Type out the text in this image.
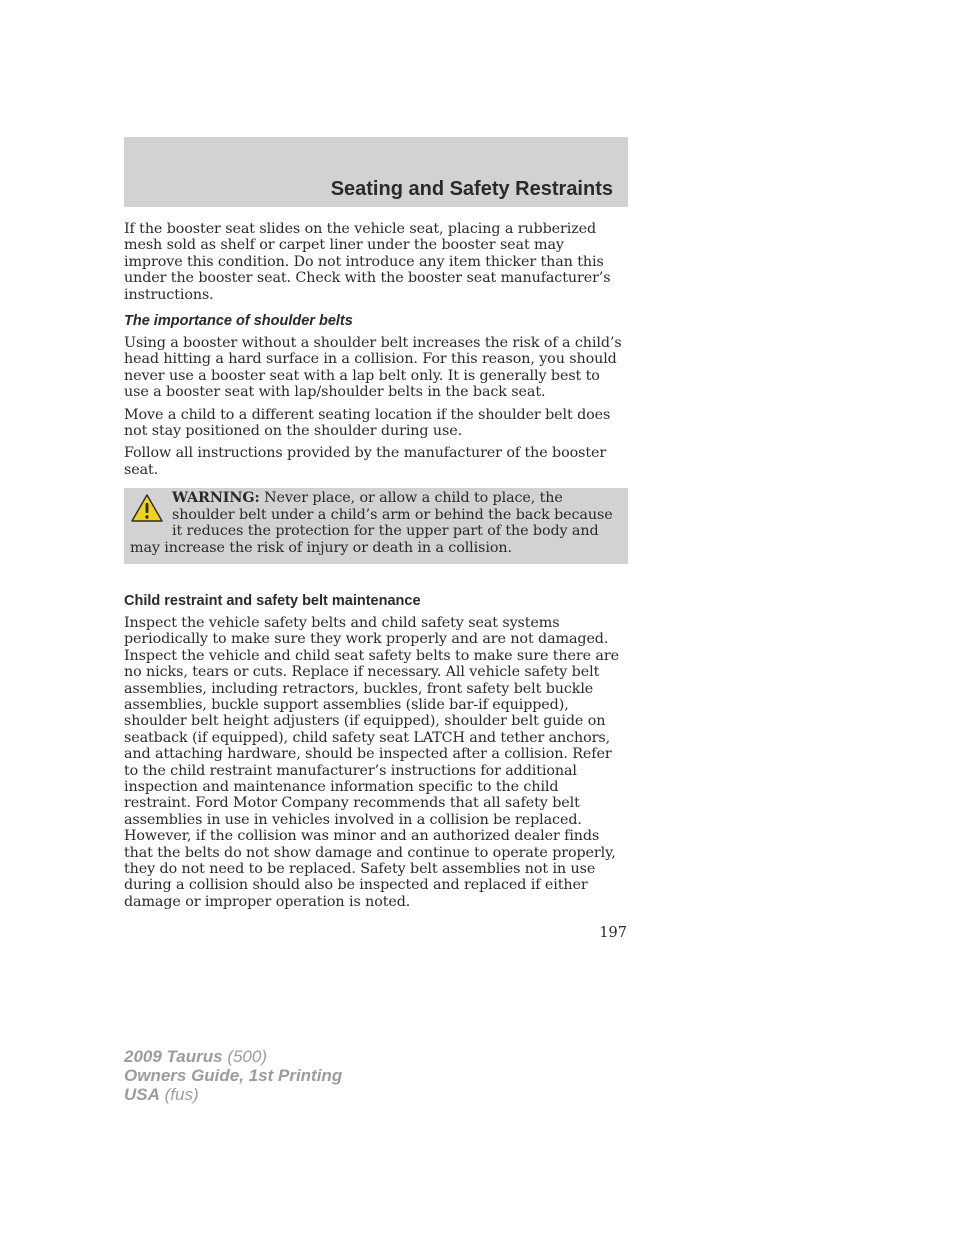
Seating and Safety Restraints

If the booster seat slides on the vehicle seat, placing a rubberized mesh sold as shelf or carpet liner under the booster seat may improve this condition. Do not introduce any item thicker than this under the booster seat. Check with the booster seat manufacturer’s instructions.

The importance of shoulder belts

Using a booster without a shoulder belt increases the risk of a child’s head hitting a hard surface in a collision. For this reason, you should never use a booster seat with a lap belt only. It is generally best to use a booster seat with lap/shoulder belts in the back seat.

Move a child to a different seating location if the shoulder belt does not stay positioned on the shoulder during use.

Follow all instructions provided by the manufacturer of the booster seat.

WARNING: Never place, or allow a child to place, the shoulder belt under a child’s arm or behind the back because it reduces the protection for the upper part of the body and may increase the risk of injury or death in a collision.
Child restraint and safety belt maintenance

Inspect the vehicle safety belts and child safety seat systems periodically to make sure they work properly and are not damaged. Inspect the vehicle and child seat safety belts to make sure there are no nicks, tears or cuts. Replace if necessary. All vehicle safety belt assemblies, including retractors, buckles, front safety belt buckle assemblies, buckle support assemblies (slide bar-if equipped), shoulder belt height adjusters (if equipped), shoulder belt guide on seatback (if equipped), child safety seat LATCH and tether anchors, and attaching hardware, should be inspected after a collision. Refer to the child restraint manufacturer’s instructions for additional inspection and maintenance information specific to the child restraint. Ford Motor Company recommends that all safety belt assemblies in use in vehicles involved in a collision be replaced. However, if the collision was minor and an authorized dealer finds that the belts do not show damage and continue to operate properly, they do not need to be replaced. Safety belt assemblies not in use during a collision should also be inspected and replaced if either damage or improper operation is noted.

197
2009 Taurus (500)
Owners Guide, 1st Printing
USA (fus)
